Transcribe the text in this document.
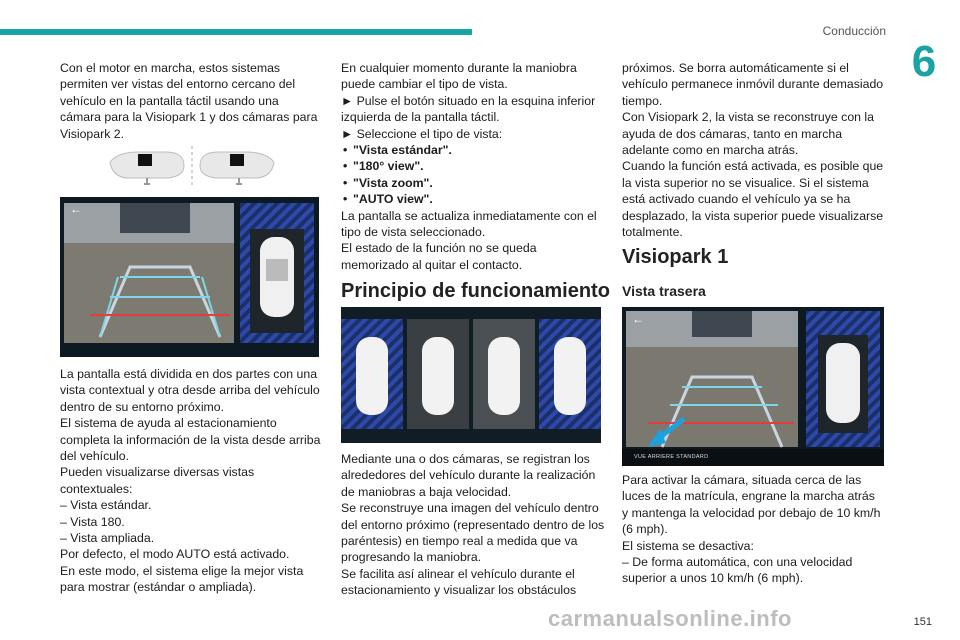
Conducción
6

Con el motor en marcha, estos sistemas permiten ver vistas del entorno cercano del vehículo en la pantalla táctil usando una cámara para la Visiopark 1 y dos cámaras para Visiopark 2.

←

La pantalla está dividida en dos partes con una

vista contextual y otra desde arriba del vehículo

dentro de su entorno próximo.

El sistema de ayuda al estacionamiento

completa la información de la vista desde arriba

del vehículo.

Pueden visualizarse diversas vistas

contextuales:

– Vista estándar.

– Vista 180.

– Vista ampliada.

Por defecto, el modo AUTO está activado.

En este modo, el sistema elige la mejor vista

para mostrar (estándar o ampliada).

En cualquier momento durante la maniobra puede cambiar el tipo de vista.

► Pulse el botón situado en la esquina inferior izquierda de la pantalla táctil.

► Seleccione el tipo de vista:

• "Vista estándar".
• "180° view".
• "Vista zoom".
• "AUTO view".

La pantalla se actualiza inmediatamente con el tipo de vista seleccionado.

El estado de la función no se queda memorizado al quitar el contacto.

Principio de funcionamiento

Mediante una o dos cámaras, se registran los alrededores del vehículo durante la realización de maniobras a baja velocidad.

Se reconstruye una imagen del vehículo dentro del entorno próximo (representado dentro de los paréntesis) en tiempo real a medida que va progresando la maniobra.

Se facilita así alinear el vehículo durante el estacionamiento y visualizar los obstáculos

próximos. Se borra automáticamente si el vehículo permanece inmóvil durante demasiado tiempo.

Con Visiopark 2, la vista se reconstruye con la ayuda de dos cámaras, tanto en marcha adelante como en marcha atrás.

Cuando la función está activada, es posible que la vista superior no se visualice. Si el sistema está activado cuando el vehículo ya se ha desplazado, la vista superior puede visualizarse totalmente.

Visiopark 1
Vista trasera
←
VUE ARRIERE STANDARD

Para activar la cámara, situada cerca de las luces de la matrícula, engrane la marcha atrás y mantenga la velocidad por debajo de 10 km/h (6 mph).

El sistema se desactiva:

– De forma automática, con una velocidad superior a unos 10 km/h (6 mph).

carmanualsonline.info	151
